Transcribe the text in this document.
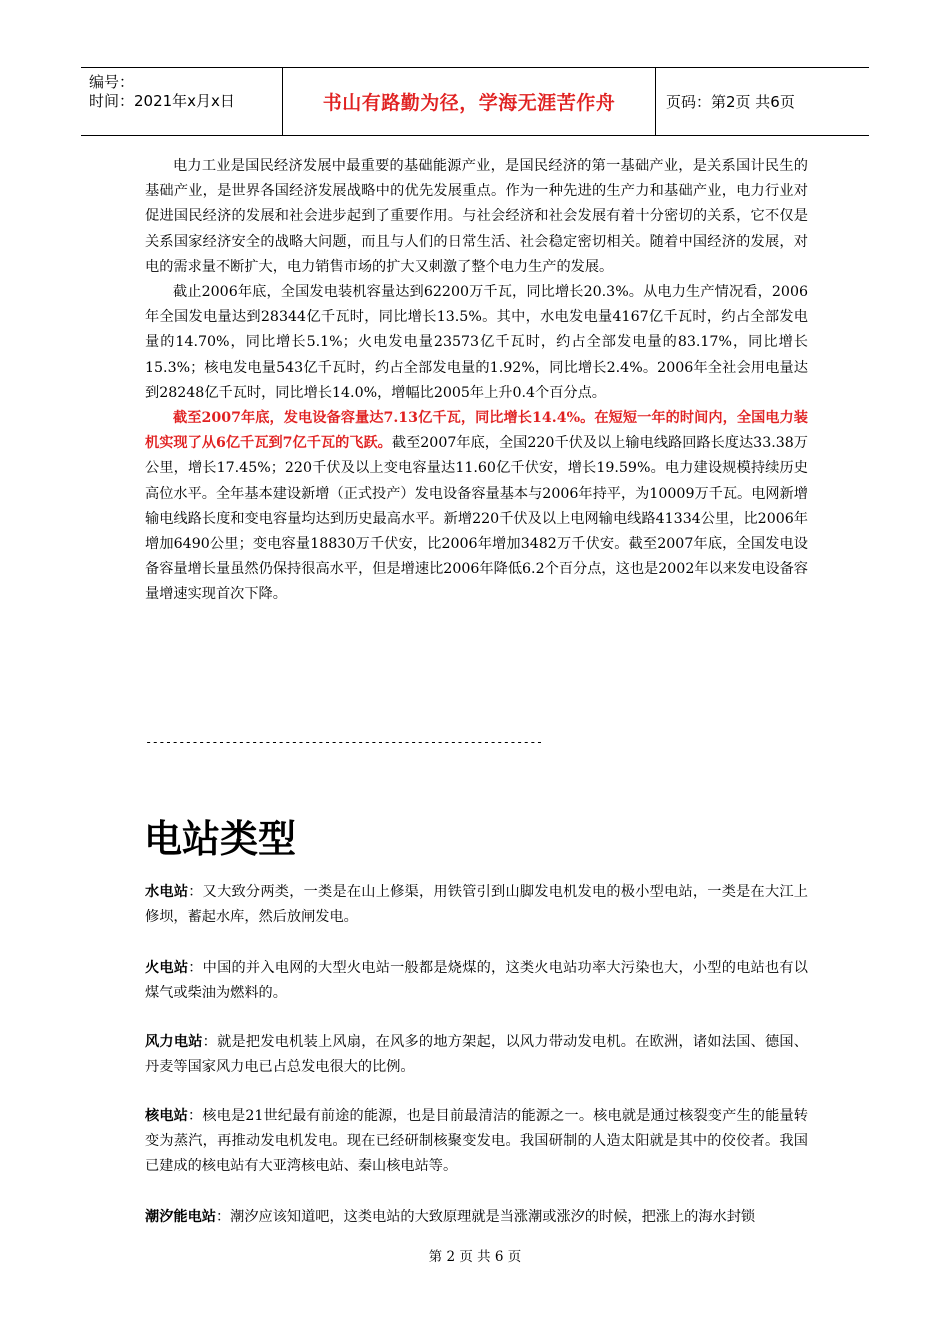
编号：
时间：2021年x月x日	书山有路勤为径，学海无涯苦作舟	页码：第2页 共6页

电力工业是国民经济发展中最重要的基础能源产业，是国民经济的第一基础产业，是关系国计民生的基础产业，是世界各国经济发展战略中的优先发展重点。作为一种先进的生产力和基础产业，电力行业对促进国民经济的发展和社会进步起到了重要作用。与社会经济和社会发展有着十分密切的关系，它不仅是关系国家经济安全的战略大问题，而且与人们的日常生活、社会稳定密切相关。随着中国经济的发展，对电的需求量不断扩大，电力销售市场的扩大又刺激了整个电力生产的发展。

截止2006年底，全国发电装机容量达到62200万千瓦，同比增长20.3%。从电力生产情况看，2006年全国发电量达到28344亿千瓦时，同比增长13.5%。其中，水电发电量4167亿千瓦时，约占全部发电量的14.70%，同比增长5.1%；火电发电量23573亿千瓦时，约占全部发电量的83.17%，同比增长15.3%；核电发电量543亿千瓦时，约占全部发电量的1.92%，同比增长2.4%。2006年全社会用电量达到28248亿千瓦时，同比增长14.0%，增幅比2005年上升0.4个百分点。

截至2007年底，发电设备容量达7.13亿千瓦，同比增长14.4%。在短短一年的时间内，全国电力装机实现了从6亿千瓦到7亿千瓦的飞跃。截至2007年底，全国220千伏及以上输电线路回路长度达33.38万公里，增长17.45%；220千伏及以上变电容量达11.60亿千伏安，增长19.59%。电力建设规模持续历史高位水平。全年基本建设新增（正式投产）发电设备容量基本与2006年持平，为10009万千瓦。电网新增输电线路长度和变电容量均达到历史最高水平。新增220千伏及以上电网输电线路41334公里，比2006年增加6490公里；变电容量18830万千伏安，比2006年增加3482万千伏安。截至2007年底，全国发电设备容量增长量虽然仍保持很高水平，但是增速比2006年降低6.2个百分点，这也是2002年以来发电设备容量增速实现首次下降。

------------------------------------------------------------
电站类型

水电站：又大致分两类，一类是在山上修渠，用铁管引到山脚发电机发电的极小型电站，一类是在大江上修坝，蓄起水库，然后放闸发电。

火电站：中国的并入电网的大型火电站一般都是烧煤的，这类火电站功率大污染也大，小型的电站也有以煤气或柴油为燃料的。

风力电站：就是把发电机装上风扇，在风多的地方架起，以风力带动发电机。在欧洲，诸如法国、德国、丹麦等国家风力电已占总发电很大的比例。

核电站：核电是21世纪最有前途的能源，也是目前最清洁的能源之一。核电就是通过核裂变产生的能量转变为蒸汽，再推动发电机发电。现在已经研制核聚变发电。我国研制的人造太阳就是其中的佼佼者。我国已建成的核电站有大亚湾核电站、秦山核电站等。

潮汐能电站：潮汐应该知道吧，这类电站的大致原理就是当涨潮或涨汐的时候，把涨上的海水封锁

第 2 页 共 6 页
